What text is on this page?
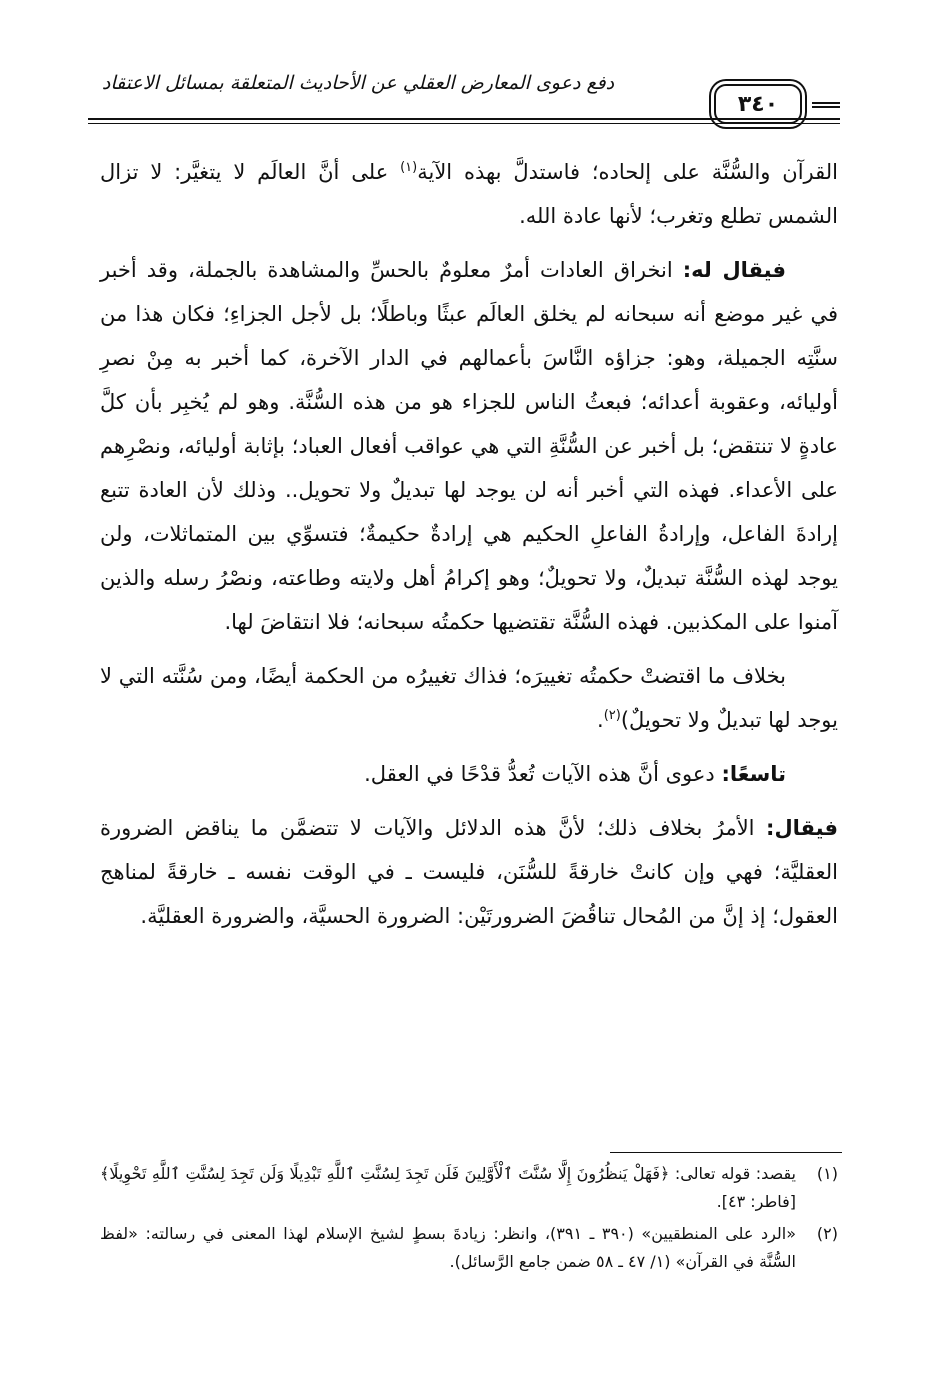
دفع دعوى المعارض العقلي عن الأحاديث المتعلقة بمسائل الاعتقاد
٣٤٠

القرآن والسُّنَّة على إلحاده؛ فاستدلَّ بهذه الآية$^{(١)}$ على أنَّ العالَم لا يتغيَّر: لا تزال الشمس تطلع وتغرب؛ لأنها عادة الله.

فيقال له: انخراق العادات أمرٌ معلومٌ بالحسِّ والمشاهدة بالجملة، وقد أخبر في غير موضع أنه سبحانه لم يخلق العالَم عبثًا وباطلًا؛ بل لأجل الجزاءِ؛ فكان هذا من سنَّتِه الجميلة، وهو: جزاؤه النَّاسَ بأعمالهم في الدار الآخرة، كما أخبر به مِنْ نصرِ أوليائه، وعقوبة أعدائه؛ فبعثُ الناس للجزاء هو من هذه السُّنَّة. وهو لم يُخبِر بأن كلَّ عادةٍ لا تنتقض؛ بل أخبر عن السُّنَّةِ التي هي عواقب أفعال العباد؛ بإثابة أوليائه، ونصْرِهم على الأعداء. فهذه التي أخبر أنه لن يوجد لها تبديلٌ ولا تحويل.. وذلك لأن العادة تتبع إرادةَ الفاعل، وإرادةُ الفاعلِ الحكيم هي إرادةٌ حكيمةٌ؛ فتسوِّي بين المتماثلات، ولن يوجد لهذه السُّنَّة تبديلٌ، ولا تحويلٌ؛ وهو إكرامُ أهل ولايته وطاعته، ونصْرُ رسله والذين آمنوا على المكذبين. فهذه السُّنَّة تقتضيها حكمتُه سبحانه؛ فلا انتقاضَ لها.

بخلاف ما اقتضتْ حكمتُه تغييرَه؛ فذاك تغييرُه من الحكمة أيضًا، ومن سُنَّته التي لا يوجد لها تبديلٌ ولا تحويلٌ)$^{(٢)}$.

تاسعًا: دعوى أنَّ هذه الآيات تُعدُّ قدْحًا في العقل.

فيقال: الأمرُ بخلاف ذلك؛ لأنَّ هذه الدلائل والآيات لا تتضمَّن ما يناقض الضرورة العقليَّة؛ فهي وإن كانتْ خارقةً للسُّنَن، فليست ـ في الوقت نفسه ـ خارقةً لمناهج العقول؛ إذ إنَّ من المُحال تناقُضَ الضرورتَيْن: الضرورة الحسيَّة، والضرورة العقليَّة.

(١)
يقصد: قوله تعالى: ﴿فَهَلْ يَنظُرُونَ إِلَّا سُنَّتَ ٱلْأَوَّلِينَ فَلَن تَجِدَ لِسُنَّتِ ٱللَّهِ تَبْدِيلًا وَلَن تَجِدَ لِسُنَّتِ ٱللَّهِ تَحْوِيلًا﴾ [فاطر: ٤٣].
(٢)
«الرد على المنطقيين» (٣٩٠ ـ ٣٩١)، وانظر: زيادةَ بسطٍ لشيخ الإسلام لهذا المعنى في رسالته: «لفظ السُّنَّة في القرآن» (١/ ٤٧ ـ ٥٨ ضمن جامع الرَّسائل).
